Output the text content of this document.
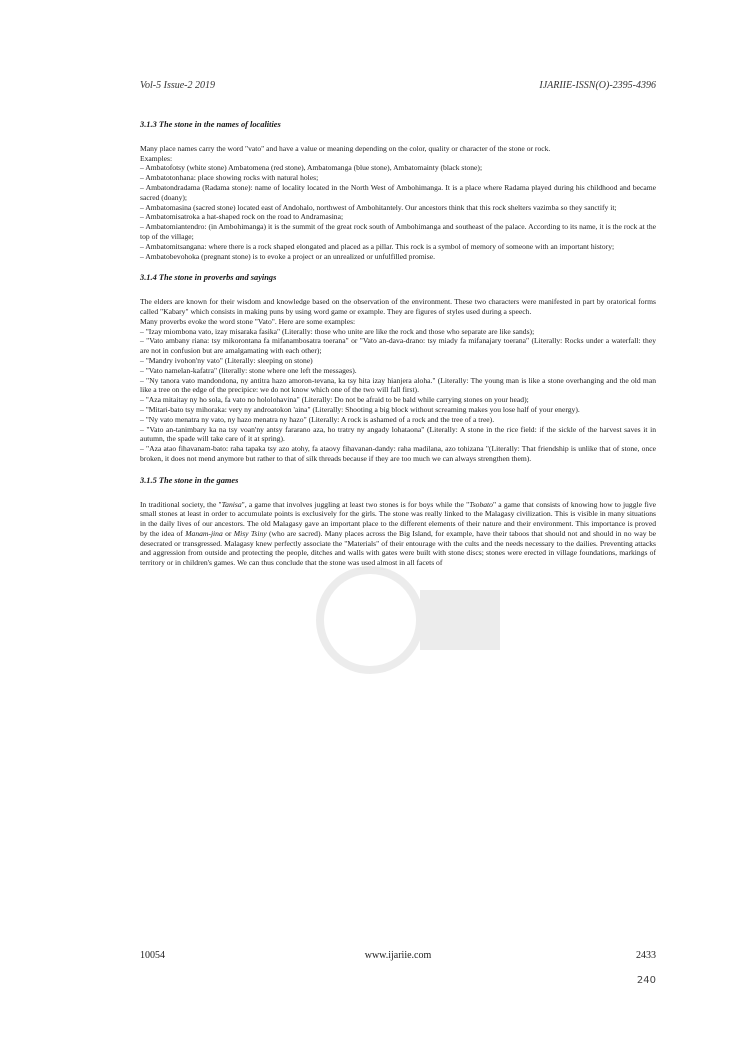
Vol-5 Issue-2 2019	IJARIIE-ISSN(O)-2395-4396
3.1.3 The stone in the names of localities

Many place names carry the word "vato" and have a value or meaning depending on the color, quality or character of the stone or rock.

Examples:

– Ambatofotsy (white stone) Ambatomena (red stone), Ambatomanga (blue stone), Ambatomainty (black stone);

– Ambatotonhana: place showing rocks with natural holes;

– Ambatondradama (Radama stone): name of locality located in the North West of Ambohimanga. It is a place where Radama played during his childhood and became sacred (doany);

– Ambatomasina (sacred stone) located east of Andohalo, northwest of Ambohitantely. Our ancestors think that this rock shelters vazimba so they sanctify it;

– Ambatomisatroka a hat-shaped rock on the road to Andramasina;

– Ambatomiantendro: (in Ambohimanga) it is the summit of the great rock south of Ambohimanga and southeast of the palace. According to its name, it is the rock at the top of the village;

– Ambatomitsangana: where there is a rock shaped elongated and placed as a pillar. This rock is a symbol of memory of someone with an important history;

– Ambatobevohoka (pregnant stone) is to evoke a project or an unrealized or unfulfilled promise.

3.1.4 The stone in proverbs and sayings

The elders are known for their wisdom and knowledge based on the observation of the environment. These two characters were manifested in part by oratorical forms called "Kabary" which consists in making puns by using word game or example. They are figures of styles used during a speech.

Many proverbs evoke the word stone "Vato". Here are some examples:

– "Izay miombona vato, izay misaraka fasika" (Literally: those who unite are like the rock and those who separate are like sands);

– "Vato ambany riana: tsy mikorontana fa mifanambosatra toerana" or "Vato an-dava-drano: tsy miady fa mifanajary toerana" (Literally: Rocks under a waterfall: they are not in confusion but are amalgamating with each other);

– "Mandry ivohon'ny vato" (Literally: sleeping on stone)

– "Vato namelan-kafatra" (literally: stone where one left the messages).

– "Ny tanora vato mandondona, ny antitra hazo amoron-tevana, ka tsy hita izay hianjera aloha." (Literally: The young man is like a stone overhanging and the old man like a tree on the edge of the precipice: we do not know which one of the two will fall first).

– "Aza mitaitay ny ho sola, fa vato no hololohavina" (Literally: Do not be afraid to be bald while carrying stones on your head);

– "Mitari-bato tsy mihoraka: very ny androatokon 'aina" (Literally: Shooting a big block without screaming makes you lose half of your energy).

– "Ny vato menatra ny vato, ny hazo menatra ny hazo" (Literally: A rock is ashamed of a rock and the tree of a tree).

– "Vato an-tanimbary ka na tsy voan'ny antsy fararano aza, ho tratry ny angady lohataona" (Literally: A stone in the rice field: if the sickle of the harvest saves it in autumn, the spade will take care of it at spring).

– "Aza atao fihavanam-bato: raha tapaka tsy azo atohy, fa ataovy fihavanan-dandy: raha madilana, azo tohizana "(Literally: That friendship is unlike that of stone, once broken, it does not mend anymore but rather to that of silk threads because if they are too much we can always strengthen them).

3.1.5 The stone in the games

In traditional society, the "Tanisa", a game that involves juggling at least two stones is for boys while the "Tsobato" a game that consists of knowing how to juggle five small stones at least in order to accumulate points is exclusively for the girls. The stone was really linked to the Malagasy civilization. This is visible in many situations in the daily lives of our ancestors. The old Malagasy gave an important place to the different elements of their nature and their environment. This importance is proved by the idea of Manam-jina or Misy Tsiny (who are sacred). Many places across the Big Island, for example, have their taboos that should not and should in no way be desecrated or transgressed. Malagasy knew perfectly associate the "Materials" of their entourage with the cults and the needs necessary to the dailies. Preventing attacks and aggression from outside and protecting the people, ditches and walls with gates were built with stone discs; stones were erected in village foundations, markings of territory or in children's games. We can thus conclude that the stone was used almost in all facets of

10054	www.ijariie.com	2433
240
